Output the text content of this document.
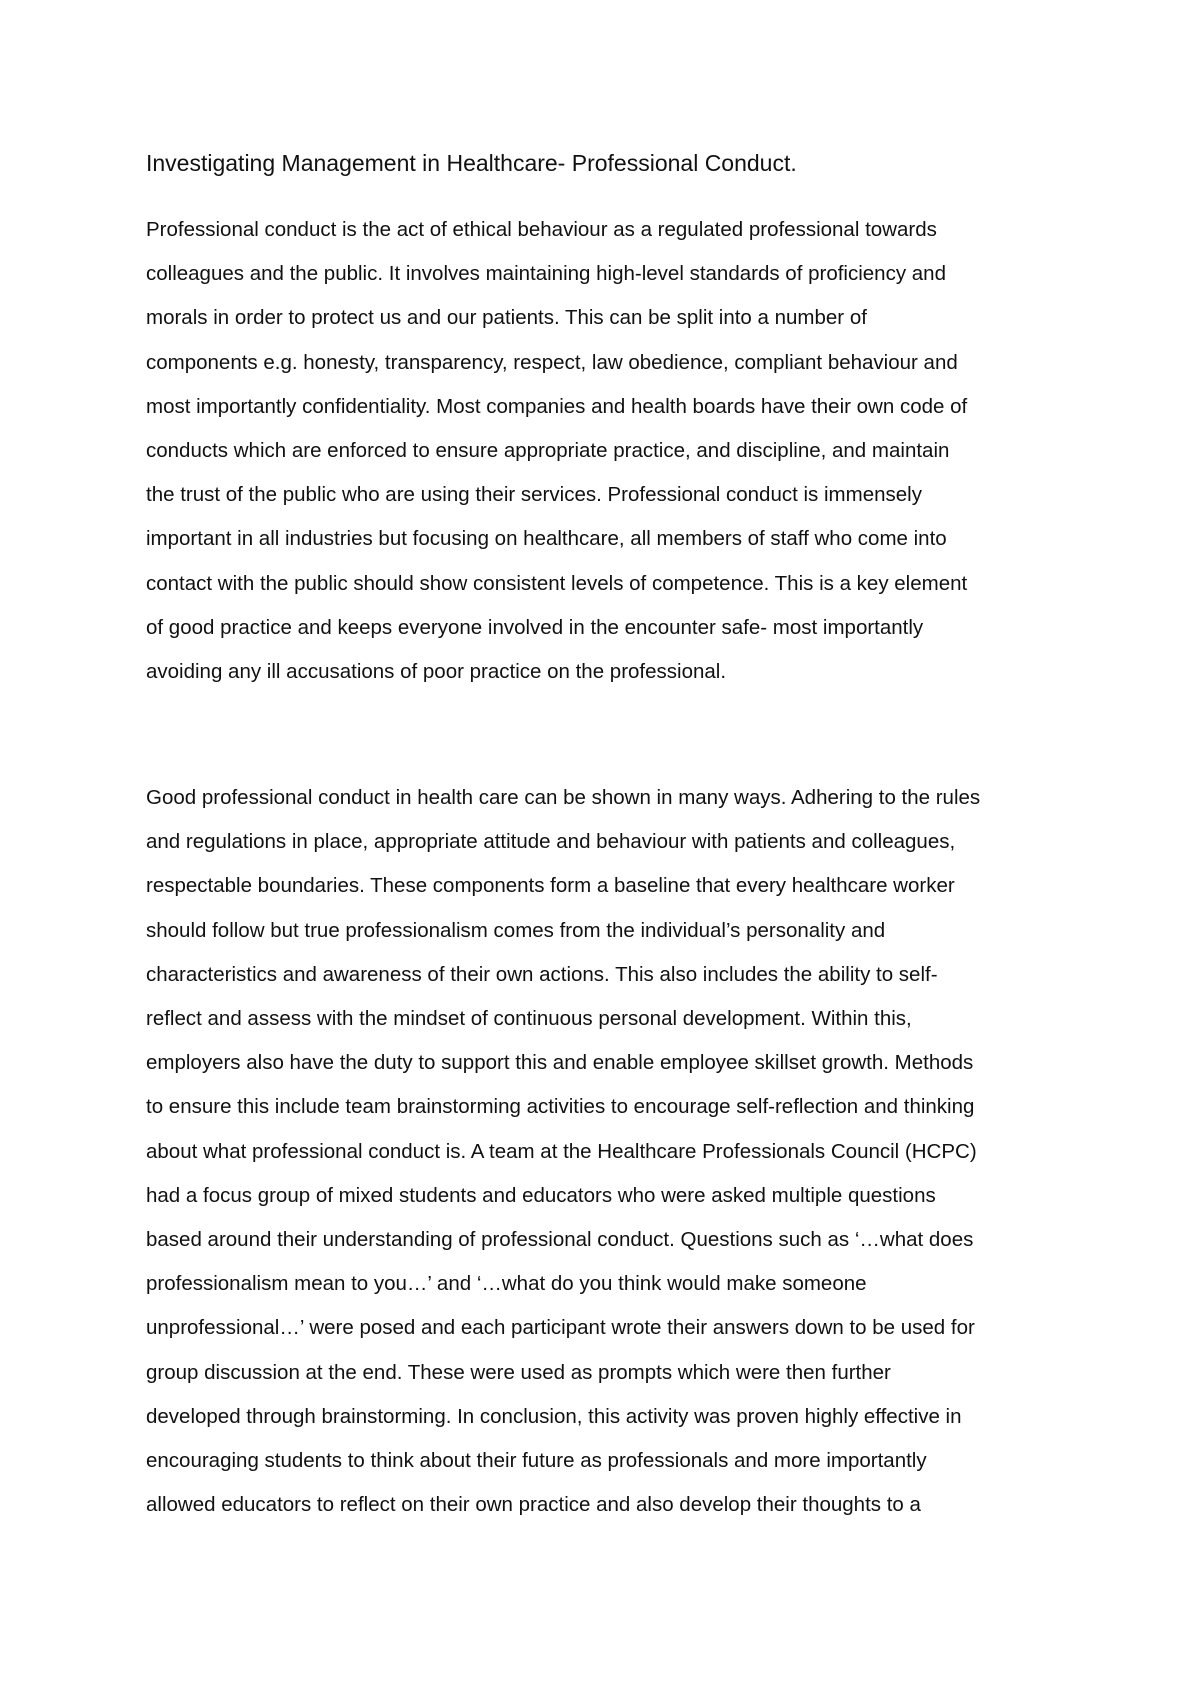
Investigating Management in Healthcare- Professional Conduct.

Professional conduct is the act of ethical behaviour as a regulated professional towards
colleagues and the public. It involves maintaining high-level standards of proficiency and
morals in order to protect us and our patients. This can be split into a number of
components e.g. honesty, transparency, respect, law obedience, compliant behaviour and
most importantly confidentiality. Most companies and health boards have their own code of
conducts which are enforced to ensure appropriate practice, and discipline, and maintain
the trust of the public who are using their services. Professional conduct is immensely
important in all industries but focusing on healthcare, all members of staff who come into
contact with the public should show consistent levels of competence. This is a key element
of good practice and keeps everyone involved in the encounter safe- most importantly
avoiding any ill accusations of poor practice on the professional.

Good professional conduct in health care can be shown in many ways. Adhering to the rules
and regulations in place, appropriate attitude and behaviour with patients and colleagues,
respectable boundaries. These components form a baseline that every healthcare worker
should follow but true professionalism comes from the individual’s personality and
characteristics and awareness of their own actions. This also includes the ability to self-
reflect and assess with the mindset of continuous personal development. Within this,
employers also have the duty to support this and enable employee skillset growth. Methods
to ensure this include team brainstorming activities to encourage self-reflection and thinking
about what professional conduct is. A team at the Healthcare Professionals Council (HCPC)
had a focus group of mixed students and educators who were asked multiple questions
based around their understanding of professional conduct. Questions such as ‘…what does
professionalism mean to you…’ and ‘…what do you think would make someone
unprofessional…’ were posed and each participant wrote their answers down to be used for
group discussion at the end. These were used as prompts which were then further
developed through brainstorming. In conclusion, this activity was proven highly effective in
encouraging students to think about their future as professionals and more importantly
allowed educators to reflect on their own practice and also develop their thoughts to a
